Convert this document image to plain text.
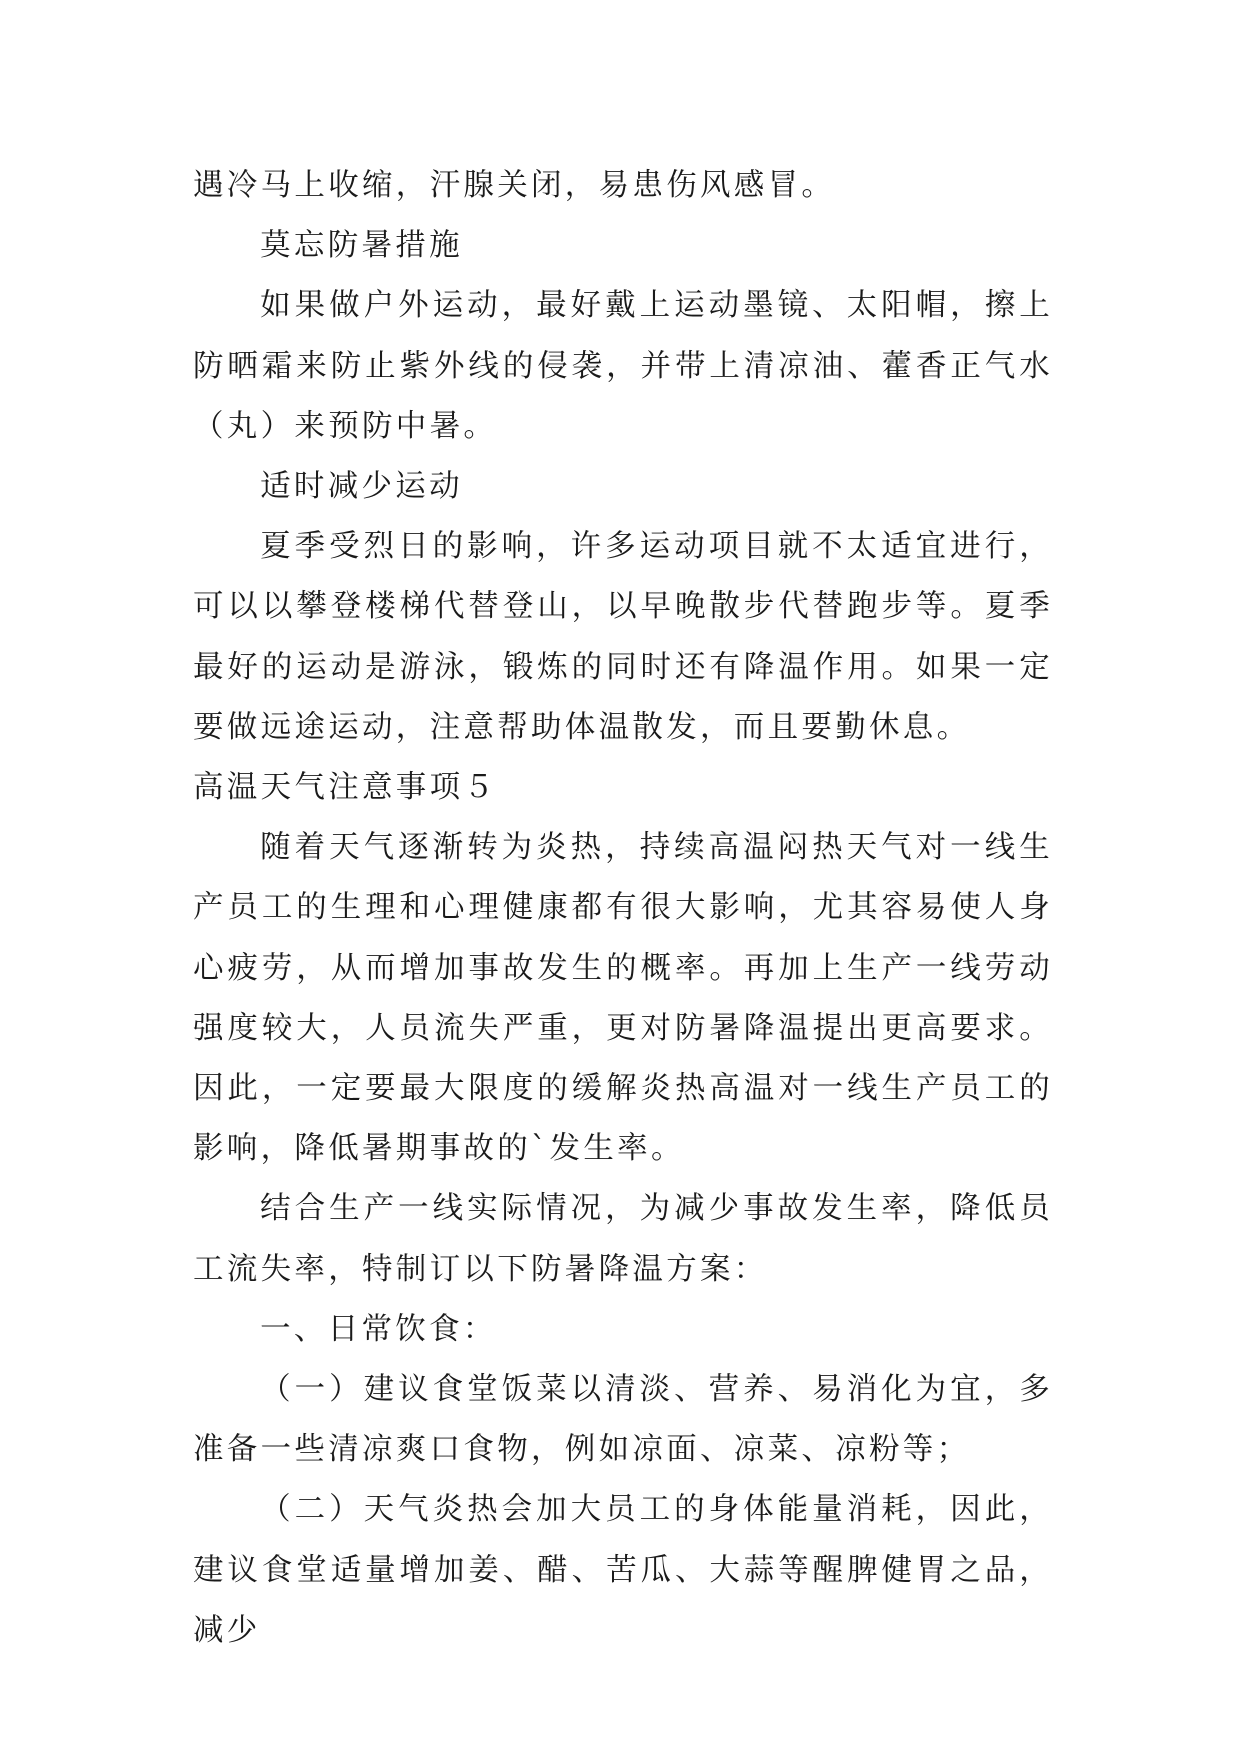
遇冷马上收缩，汗腺关闭，易患伤风感冒。

莫忘防暑措施

如果做户外运动，最好戴上运动墨镜、太阳帽，擦上防晒霜来防止紫外线的侵袭，并带上清凉油、藿香正气水（丸）来预防中暑。

适时减少运动

夏季受烈日的影响，许多运动项目就不太适宜进行，可以以攀登楼梯代替登山，以早晚散步代替跑步等。夏季最好的运动是游泳，锻炼的同时还有降温作用。如果一定要做远途运动，注意帮助体温散发，而且要勤休息。

高温天气注意事项５

随着天气逐渐转为炎热，持续高温闷热天气对一线生产员工的生理和心理健康都有很大影响，尤其容易使人身心疲劳，从而增加事故发生的概率。再加上生产一线劳动强度较大，人员流失严重，更对防暑降温提出更高要求。因此，一定要最大限度的缓解炎热高温对一线生产员工的影响，降低暑期事故的`发生率。

结合生产一线实际情况，为减少事故发生率，降低员工流失率，特制订以下防暑降温方案：

一、日常饮食：

（一）建议食堂饭菜以清淡、营养、易消化为宜，多准备一些清凉爽口食物，例如凉面、凉菜、凉粉等；

（二）天气炎热会加大员工的身体能量消耗，因此，建议食堂适量增加姜、醋、苦瓜、大蒜等醒脾健胃之品，减少
